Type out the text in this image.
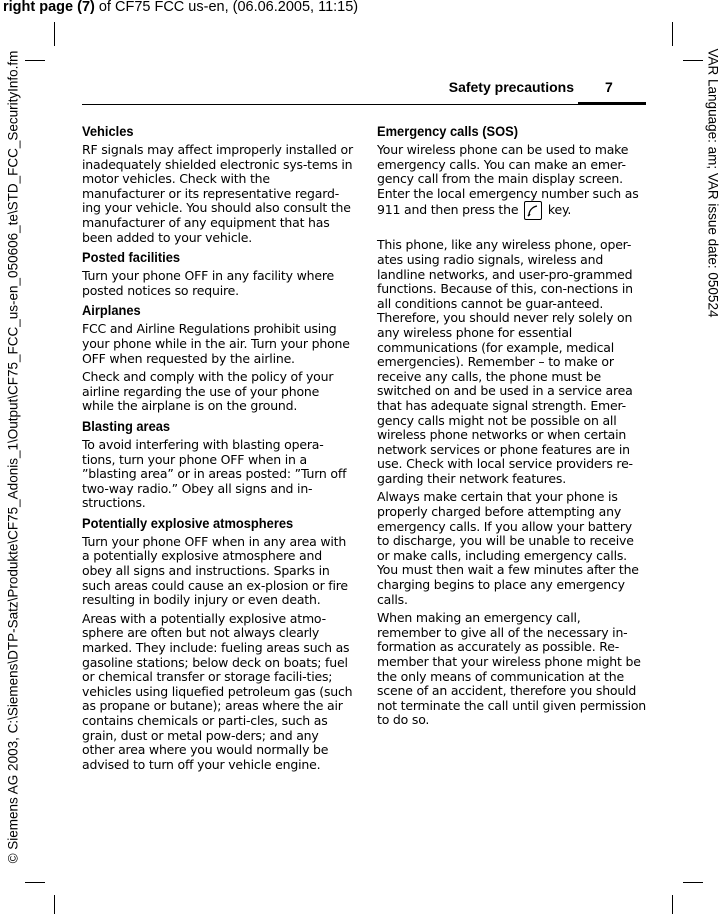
right page (7) of CF75 FCC us-en, (06.06.2005, 11:15)
© Siemens AG 2003, C:\Siemens\DTP-Satz\Produkte\CF75_Adonis_1\Output\CF75_FCC_us-en_050606_te\STD_FCC_SecurityInfo.fm	VAR Language: am; VAR issue date: 050524
Safety precautions 7
Vehicles

RF signals may affect improperly installed or inadequately shielded electronic sys-tems in motor vehicles. Check with the manufacturer or its representative regard-ing your vehicle. You should also consult the manufacturer of any equipment that has been added to your vehicle.

Posted facilities

Turn your phone OFF in any facility where posted notices so require.

Airplanes

FCC and Airline Regulations prohibit using your phone while in the air. Turn your phone OFF when requested by the airline.

Check and comply with the policy of your airline regarding the use of your phone while the airplane is on the ground.

Blasting areas

To avoid interfering with blasting opera-tions, turn your phone OFF when in a ”blasting area” or in areas posted: ”Turn off two-way radio.” Obey all signs and in-structions.

Potentially explosive atmospheres

Turn your phone OFF when in any area with a potentially explosive atmosphere and obey all signs and instructions. Sparks in such areas could cause an ex-plosion or fire resulting in bodily injury or even death.

Areas with a potentially explosive atmo-sphere are often but not always clearly marked. They include: fueling areas such as gasoline stations; below deck on boats; fuel or chemical transfer or storage facili-ties; vehicles using liquefied petroleum gas (such as propane or butane); areas where the air contains chemicals or parti-cles, such as grain, dust or metal pow-ders; and any other area where you would normally be advised to turn off your vehicle engine.

Emergency calls (SOS)

Your wireless phone can be used to make emergency calls. You can make an emer-gency call from the main display screen. Enter the local emergency number such as 911 and then press the
key.

This phone, like any wireless phone, oper-ates using radio signals, wireless and landline networks, and user-pro-grammed functions. Because of this, con-nections in all conditions cannot be guar-anteed. Therefore, you should never rely solely on any wireless phone for essential communications (for example, medical emergencies). Remember – to make or receive any calls, the phone must be switched on and be used in a service area that has adequate signal strength. Emer-gency calls might not be possible on all wireless phone networks or when certain network services or phone features are in use. Check with local service providers re-garding their network features.

Always make certain that your phone is properly charged before attempting any emergency calls. If you allow your battery to discharge, you will be unable to receive or make calls, including emergency calls. You must then wait a few minutes after the charging begins to place any emergency calls.

When making an emergency call, remember to give all of the necessary in-formation as accurately as possible. Re-member that your wireless phone might be the only means of communication at the scene of an accident, therefore you should not terminate the call until given permission to do so.
